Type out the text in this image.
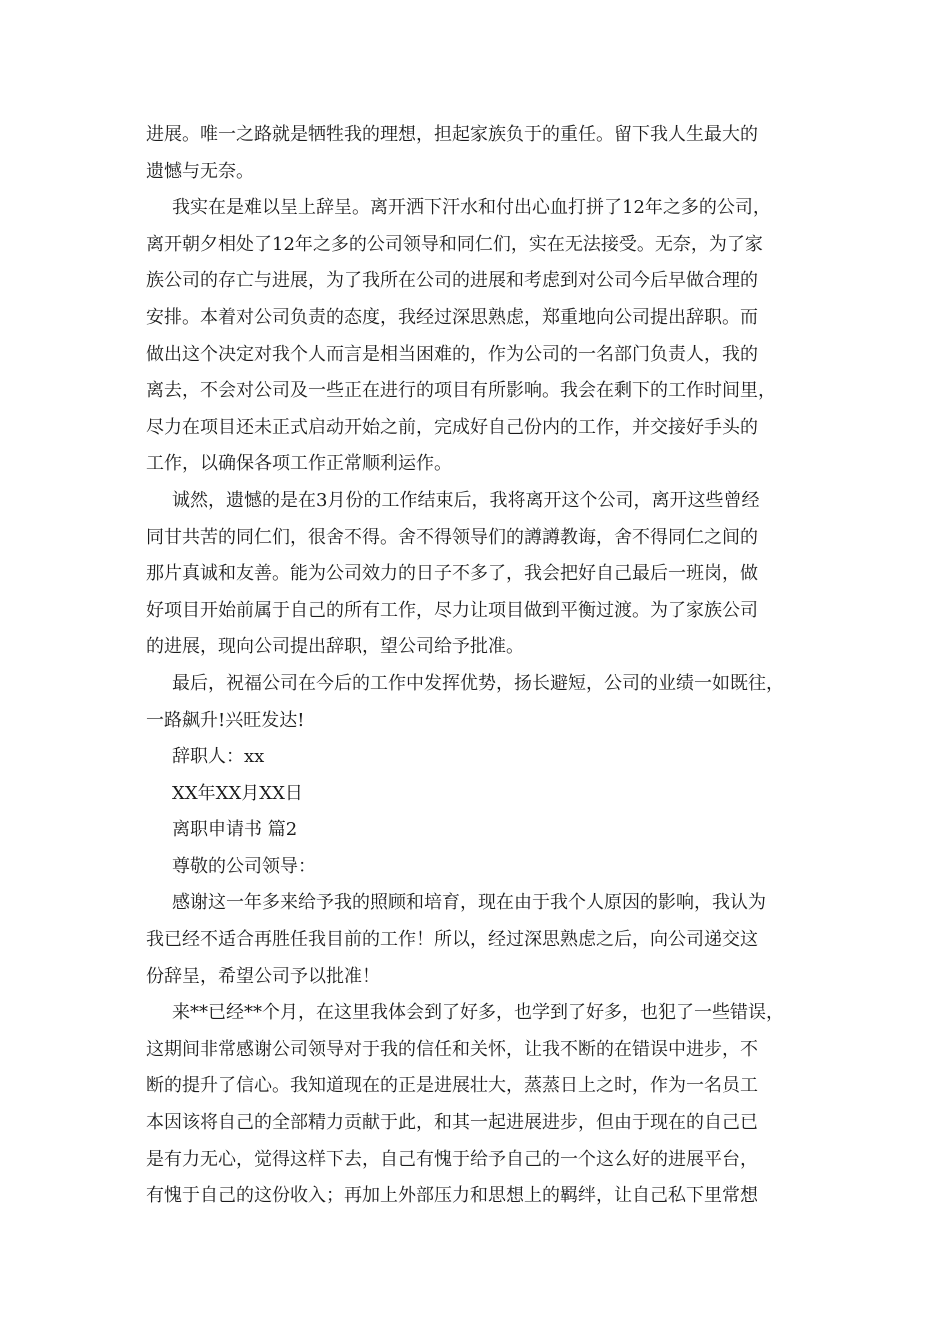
进展。唯一之路就是牺牲我的理想，担起家族负于的重任。留下我人生最大的
遗憾与无奈。
我实在是难以呈上辞呈。离开洒下汗水和付出心血打拼了12年之多的公司，
离开朝夕相处了12年之多的公司领导和同仁们，实在无法接受。无奈，为了家
族公司的存亡与进展，为了我所在公司的进展和考虑到对公司今后早做合理的
安排。本着对公司负责的态度，我经过深思熟虑，郑重地向公司提出辞职。而
做出这个决定对我个人而言是相当困难的，作为公司的一名部门负责人，我的
离去，不会对公司及一些正在进行的项目有所影响。我会在剩下的工作时间里，
尽力在项目还未正式启动开始之前，完成好自己份内的工作，并交接好手头的
工作，以确保各项工作正常顺利运作。
诚然，遗憾的是在3月份的工作结束后，我将离开这个公司，离开这些曾经
同甘共苦的同仁们，很舍不得。舍不得领导们的譐譐教诲，舍不得同仁之间的
那片真诚和友善。能为公司效力的日子不多了，我会把好自己最后一班岗，做
好项目开始前属于自己的所有工作，尽力让项目做到平衡过渡。为了家族公司
的进展，现向公司提出辞职，望公司给予批准。
最后，祝福公司在今后的工作中发挥优势，扬长避短，公司的业绩一如既往，
一路飙升!兴旺发达!
辞职人：xx
XX年XX月XX日
离职申请书 篇2
尊敬的公司领导：
感谢这一年多来给予我的照顾和培育，现在由于我个人原因的影响，我认为
我已经不适合再胜任我目前的工作！所以，经过深思熟虑之后，向公司递交这
份辞呈，希望公司予以批准！
来**已经**个月，在这里我体会到了好多，也学到了好多，也犯了一些错误，
这期间非常感谢公司领导对于我的信任和关怀，让我不断的在错误中进步，不
断的提升了信心。我知道现在的正是进展壮大，蒸蒸日上之时，作为一名员工
本因该将自己的全部精力贡献于此，和其一起进展进步，但由于现在的自己已
是有力无心，觉得这样下去，自己有愧于给予自己的一个这么好的进展平台，
有愧于自己的这份收入；再加上外部压力和思想上的羁绊，让自己私下里常想
